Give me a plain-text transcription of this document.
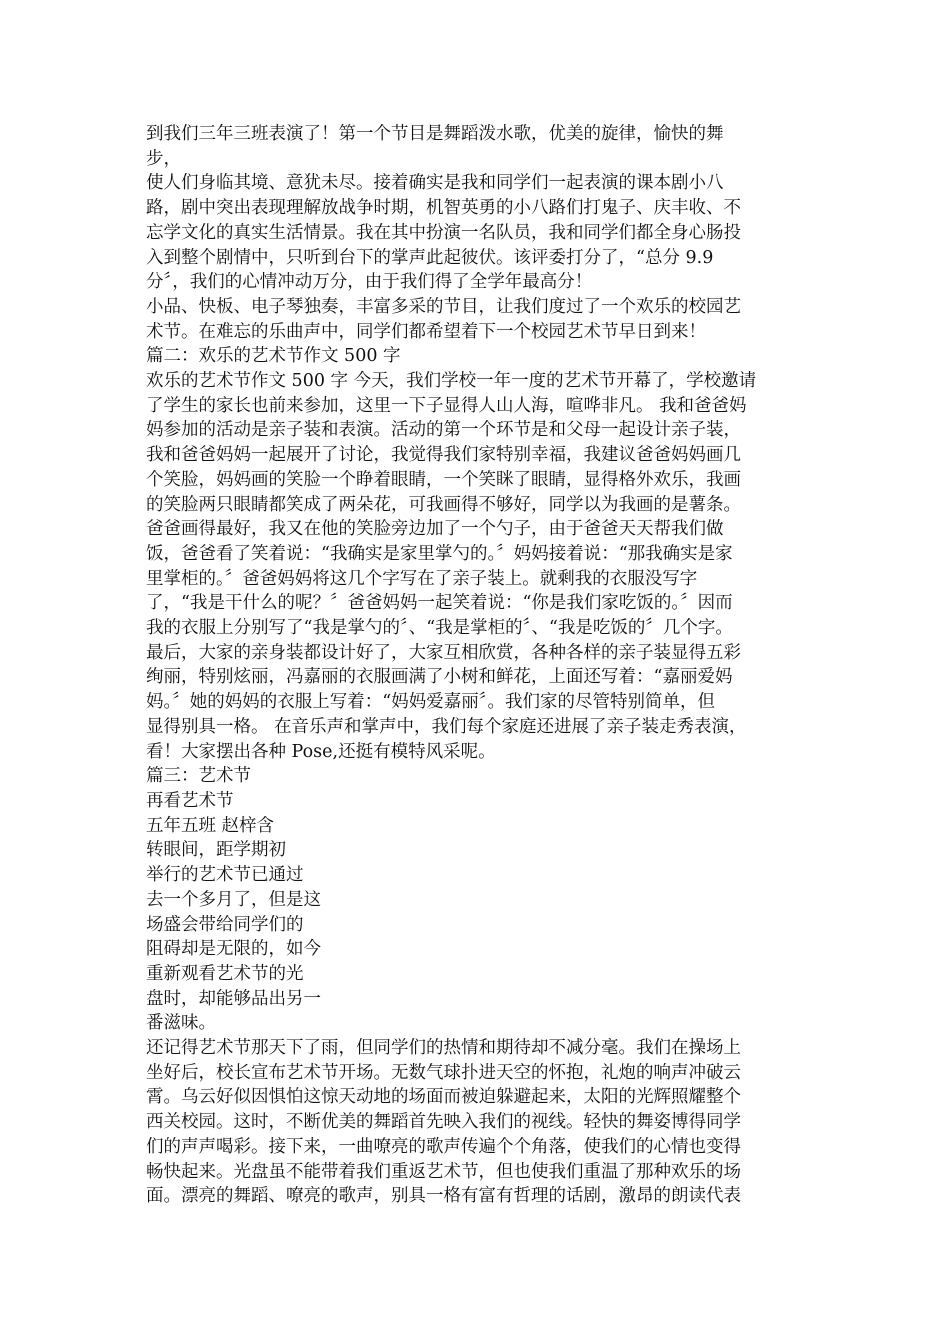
到我们三年三班表演了！第一个节目是舞蹈泼水歌，优美的旋律，愉快的舞
步，
使人们身临其境、意犹未尽。接着确实是我和同学们一起表演的课本剧小八
路，剧中突出表现理解放战争时期，机智英勇的小八路们打鬼子、庆丰收、不
忘学文化的真实生活情景。我在其中扮演一名队员，我和同学们都全身心肠投
入到整个剧情中，只听到台下的掌声此起彼伏。该评委打分了，“总分 9.9
分〞，我们的心情冲动万分，由于我们得了全学年最高分！
小品、快板、电子琴独奏，丰富多采的节目，让我们度过了一个欢乐的校园艺
术节。在难忘的乐曲声中，同学们都希望着下一个校园艺术节早日到来！
篇二：欢乐的艺术节作文 500 字
欢乐的艺术节作文 500 字 今天，我们学校一年一度的艺术节开幕了，学校邀请
了学生的家长也前来参加，这里一下子显得人山人海，喧哗非凡。 我和爸爸妈
妈参加的活动是亲子装和表演。活动的第一个环节是和父母一起设计亲子装，
我和爸爸妈妈一起展开了讨论，我觉得我们家特别幸福，我建议爸爸妈妈画几
个笑脸，妈妈画的笑脸一个睁着眼睛，一个笑眯了眼睛，显得格外欢乐，我画
的笑脸两只眼睛都笑成了两朵花，可我画得不够好，同学以为我画的是薯条。
爸爸画得最好，我又在他的笑脸旁边加了一个勺子，由于爸爸天天帮我们做
饭，爸爸看了笑着说：“我确实是家里掌勺的。〞妈妈接着说：“那我确实是家
里掌柜的。〞爸爸妈妈将这几个字写在了亲子装上。就剩我的衣服没写字
了，“我是干什么的呢？〞爸爸妈妈一起笑着说：“你是我们家吃饭的。〞因而
我的衣服上分别写了“我是掌勺的〞、“我是掌柜的〞、“我是吃饭的〞几个字。
最后，大家的亲身装都设计好了，大家互相欣赏，各种各样的亲子装显得五彩
绚丽，特别炫丽，冯嘉丽的衣服画满了小树和鲜花，上面还写着：“嘉丽爱妈
妈。〞她的妈妈的衣服上写着：“妈妈爱嘉丽〞。我们家的尽管特别简单，但
显得别具一格。 在音乐声和掌声中，我们每个家庭还进展了亲子装走秀表演，
看！大家摆出各种 Pose,还挺有模特风采呢。
篇三：艺术节
再看艺术节
五年五班 赵梓含
转眼间，距学期初
举行的艺术节已通过
去一个多月了，但是这
场盛会带给同学们的
阻碍却是无限的，如今
重新观看艺术节的光
盘时，却能够品出另一
番滋味。
还记得艺术节那天下了雨，但同学们的热情和期待却不减分毫。我们在操场上
坐好后，校长宣布艺术节开场。无数气球扑进天空的怀抱，礼炮的响声冲破云
霄。乌云好似因惧怕这惊天动地的场面而被迫躲避起来，太阳的光辉照耀整个
西关校园。这时，不断优美的舞蹈首先映入我们的视线。轻快的舞姿博得同学
们的声声喝彩。接下来，一曲嘹亮的歌声传遍个个角落，使我们的心情也变得
畅快起来。光盘虽不能带着我们重返艺术节，但也使我们重温了那种欢乐的场
面。漂亮的舞蹈、嘹亮的歌声，别具一格有富有哲理的话剧，激昂的朗读代表
